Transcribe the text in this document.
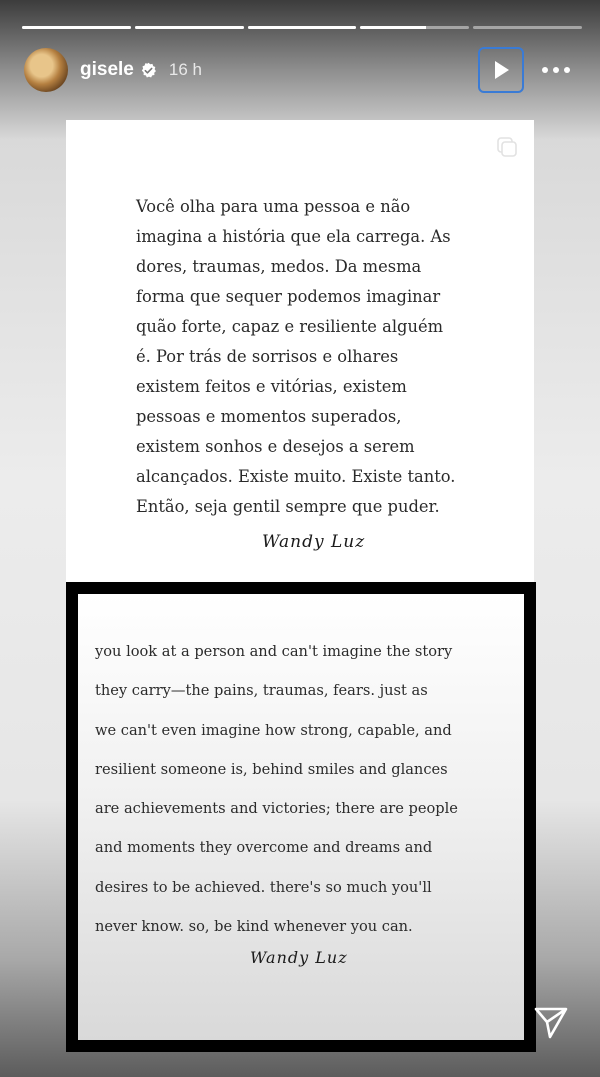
gisele 16 h

Você olha para uma pessoa e não
imagina a história que ela carrega. As
dores, traumas, medos. Da mesma
forma que sequer podemos imaginar
quão forte, capaz e resiliente alguém
é. Por trás de sorrisos e olhares
existem feitos e vitórias, existem
pessoas e momentos superados,
existem sonhos e desejos a serem
alcançados. Existe muito. Existe tanto.
Então, seja gentil sempre que puder.

Wandy Luz

you look at a person and can't imagine the story
they carry—the pains, traumas, fears. just as
we can't even imagine how strong, capable, and
resilient someone is, behind smiles and glances
are achievements and victories; there are people
and moments they overcome and dreams and
desires to be achieved. there's so much you'll
never know. so, be kind whenever you can.

Wandy Luz
